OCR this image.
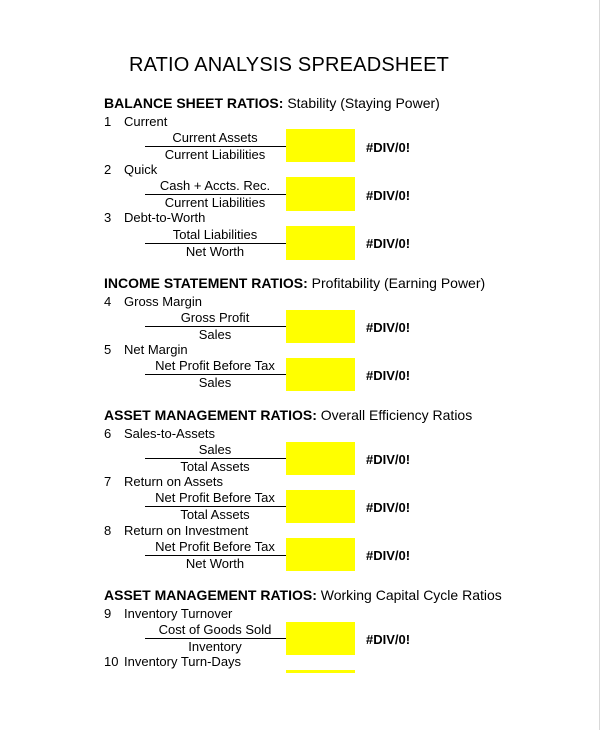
RATIO ANALYSIS SPREADSHEET
BALANCE SHEET RATIOS: Stability (Staying Power)
INCOME STATEMENT RATIOS: Profitability (Earning Power)
ASSET MANAGEMENT RATIOS: Overall Efficiency Ratios
ASSET MANAGEMENT RATIOS: Working Capital Cycle Ratios
1 Current
Current Assets
Current Liabilities	#DIV/0!
2 Quick
Cash + Accts. Rec.
Current Liabilities	#DIV/0!
3 Debt-to-Worth
Total Liabilities
Net Worth
#DIV/0!
4 Gross Margin
Gross Profit
Sales	#DIV/0!
5 Net Margin
Net Profit Before Tax
Sales	#DIV/0!
6 Sales-to-Assets
Sales
Total Assets	#DIV/0!
7 Return on Assets
Net Profit Before Tax
Total Assets	#DIV/0!
8 Return on Investment
Net Profit Before Tax
Net Worth
#DIV/0!
9 Inventory Turnover
Cost of Goods Sold
Inventory	#DIV/0!
10 Inventory Turn-Days
